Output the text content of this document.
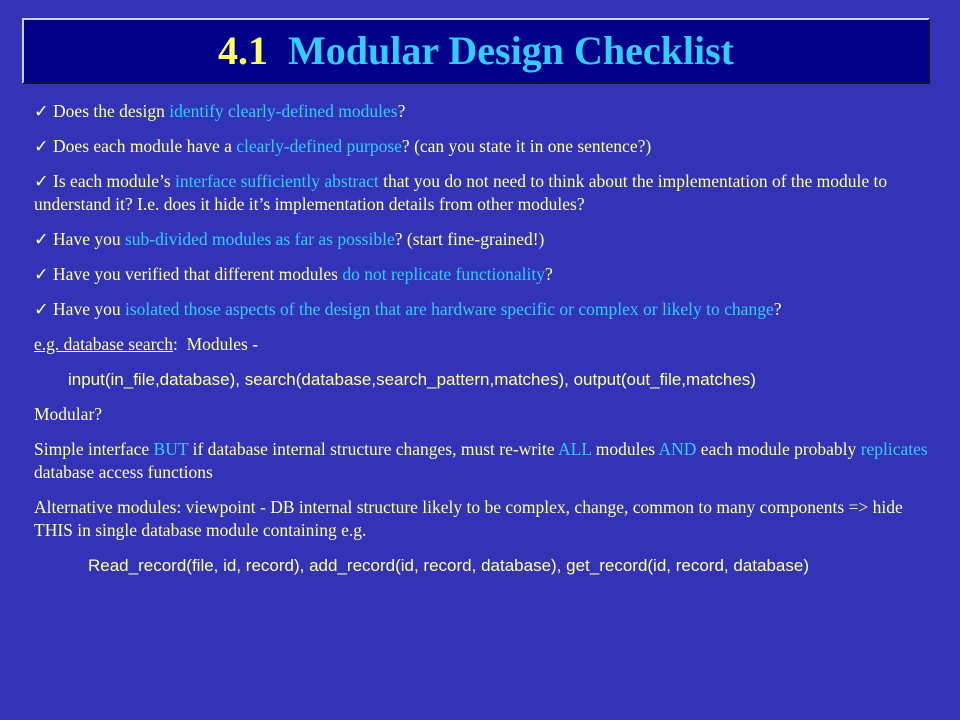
4.1 Modular Design Checklist

✓ Does the design identify clearly-defined modules?

✓ Does each module have a clearly-defined purpose? (can you state it in one sentence?)

✓ Is each module’s interface sufficiently abstract that you do not need to think about the implementation of the module to understand it? I.e. does it hide it’s implementation details from other modules?

✓ Have you sub-divided modules as far as possible? (start fine-grained!)

✓ Have you verified that different modules do not replicate functionality?

✓ Have you isolated those aspects of the design that are hardware specific or complex or likely to change?

e.g. database search:  Modules -

input(in_file,database), search(database,search_pattern,matches), output(out_file,matches)

Modular?

Simple interface BUT if database internal structure changes, must re-write ALL modules AND each module probably replicates database access functions

Alternative modules: viewpoint - DB internal structure likely to be complex, change, common to many components => hide THIS in single database module containing e.g.

Read_record(file, id, record), add_record(id, record, database), get_record(id, record, database)
